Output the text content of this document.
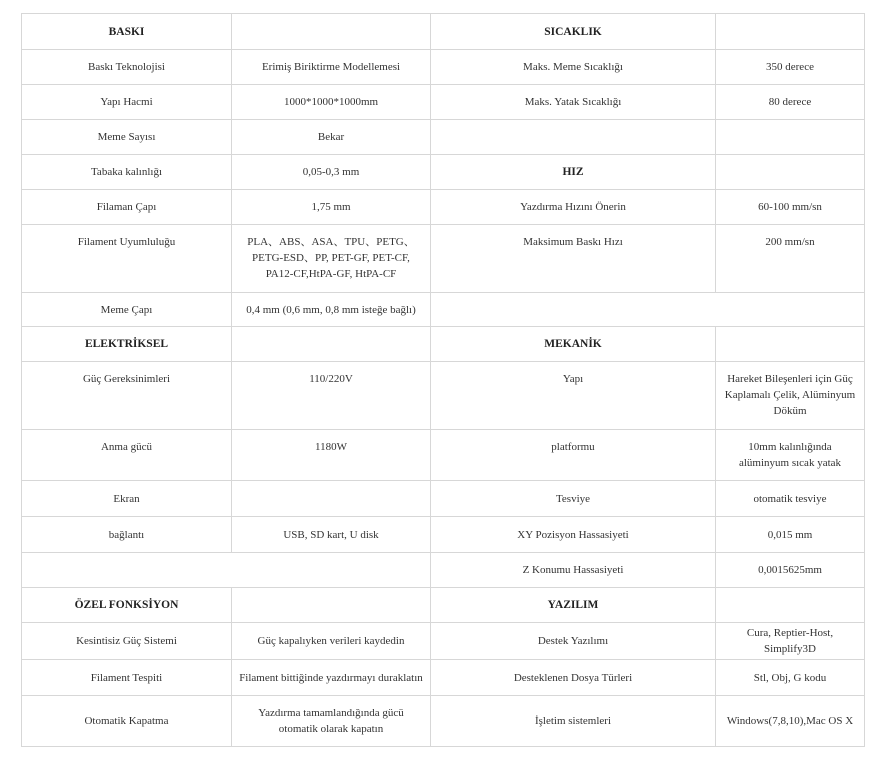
BASKI		SICAKLIK	
Baskı Teknolojisi	Erimiş Biriktirme Modellemesi	Maks. Meme Sıcaklığı	350 derece
Yapı Hacmi	1000*1000*1000mm	Maks. Yatak Sıcaklığı	80 derece
Meme Sayısı	Bekar		
Tabaka kalınlığı	0,05-0,3 mm	HIZ	
Filaman Çapı	1,75 mm	Yazdırma Hızını Önerin	60-100 mm/sn
Filament Uyumluluğu	PLA、ABS、ASA、TPU、PETG、PETG-ESD、PP, PET-GF, PET-CF, PA12-CF,HtPA-GF, HtPA-CF	Maksimum Baskı Hızı	200 mm/sn
Meme Çapı	0,4 mm (0,6 mm, 0,8 mm isteğe bağlı)		
ELEKTRİKSEL		MEKANİK	
Güç Gereksinimleri	110/220V	Yapı	Hareket Bileşenleri için Güç Kaplamalı Çelik, Alüminyum Döküm
Anma gücü	1180W	platformu	10mm kalınlığında alüminyum sıcak yatak
Ekran		Tesviye	otomatik tesviye
bağlantı	USB, SD kart, U disk	XY Pozisyon Hassasiyeti	0,015 mm
		Z Konumu Hassasiyeti	0,0015625mm
ÖZEL FONKSİYON		YAZILIM	
Kesintisiz Güç Sistemi	Güç kapalıyken verileri kaydedin	Destek Yazılımı	Cura, Reptier-Host, Simplify3D
Filament Tespiti	Filament bittiğinde yazdırmayı duraklatın	Desteklenen Dosya Türleri	Stl, Obj, G kodu
Otomatik Kapatma	Yazdırma tamamlandığında gücü otomatik olarak kapatın	İşletim sistemleri	Windows(7,8,10),Mac OS X
